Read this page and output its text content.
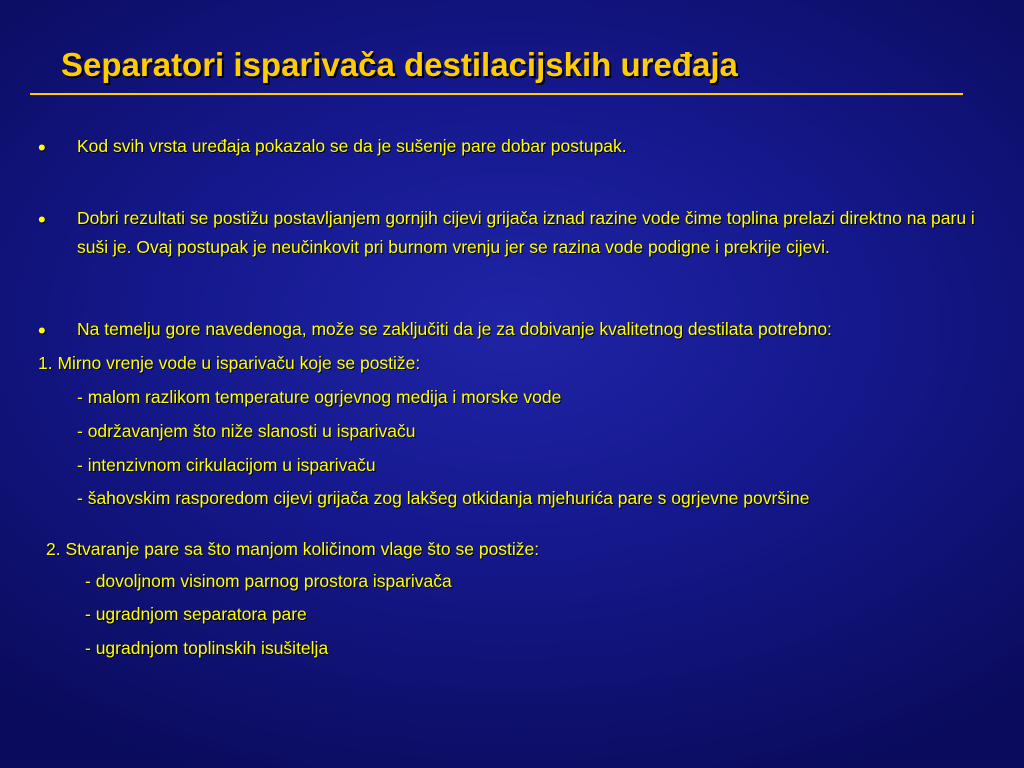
Separatori isparivača destilacijskih uređaja
• Kod svih vrsta uređaja pokazalo se da je sušenje pare dobar postupak.
• Dobri rezultati se postižu postavljanjem gornjih cijevi grijača iznad razine vode čime toplina prelazi direktno na paru i suši je. Ovaj postupak je neučinkovit pri burnom vrenju jer se razina vode podigne i prekrije cijevi.
• Na temelju gore navedenoga, može se zaključiti da je za dobivanje kvalitetnog destilata potrebno:
1. Mirno vrenje vode u isparivaču koje se postiže:
- malom razlikom temperature ogrjevnog medija i morske vode
- održavanjem što niže slanosti u isparivaču
- intenzivnom cirkulacijom u isparivaču
- šahovskim rasporedom cijevi grijača zog lakšeg otkidanja mjehurića pare s ogrjevne površine
2. Stvaranje pare sa što manjom količinom vlage što se postiže:
- dovoljnom visinom parnog prostora isparivača
- ugradnjom separatora pare
- ugradnjom toplinskih isušitelja
